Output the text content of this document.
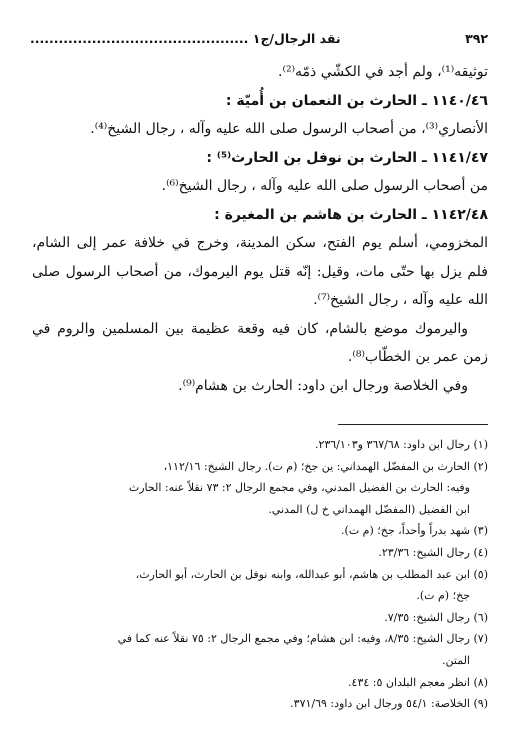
٣٩٢
نقد الرجال/ج١ ..............................................

توثيقه⁽¹⁾، ولم أجد في الكشّي ذمّه⁽²⁾.

١١٤٠/٤٦ ـ الحارث بن النعمان بن أُميّة :

الأنصاري⁽³⁾، من أصحاب الرسول صلى الله عليه وآله ، رجال الشيخ⁽⁴⁾.

١١٤١/٤٧ ـ الحارث بن نوفل بن الحارث⁽⁵⁾ :

من أصحاب الرسول صلى الله عليه وآله ، رجال الشيخ⁽⁶⁾.

١١٤٢/٤٨ ـ الحارث بن هاشم بن المغيرة :

المخزومي، أسلم يوم الفتح، سكن المدينة، وخرج في خلافة عمر إلى الشام، فلم يزل بها حتّى مات، وقيل: إنّه قتل يوم اليرموك، من أصحاب الرسول صلى الله عليه وآله ، رجال الشيخ⁽⁷⁾.

واليرموك موضع بالشام، كان فيه وقعة عظيمة بين المسلمين والروم في زمن عمر بن الخطّاب⁽⁸⁾.

وفي الخلاصة ورجال ابن داود: الحارث بن هشام⁽⁹⁾.

(١) رجال ابن داود: ٣٦٧/٦٨ و٢٣٦/١٠٣.

(٢) الحارث بن المفضّل الهمداني: ين جخ؛ (م ت). رجال الشيخ: ١١٢/١٦،

وفيه: الحارث بن الفضيل المدني، وفي مجمع الرجال ٢: ٧٣ نقلاً عنه: الحارث

ابن الفضيل (المفضّل الهمداني خ ل) المدني.

(٣) شهد بدراً وأحداً، جخ؛ (م ت).

(٤) رجال الشيخ: ٢٣/٣٦.

(٥) ابن عبد المطلب بن هاشم، أبو عبدالله، وابنه نوفل بن الحارث، أبو الحارث،

جخ؛ (م ت).

(٦) رجال الشيخ: ٧/٣٥.

(٧) رجال الشيخ: ٨/٣٥، وفيه: ابن هشام؛ وفي مجمع الرجال ٢: ٧٥ نقلاً عنه كما في

المتن.

(٨) انظر معجم البلدان ٥: ٤٣٤.

(٩) الخلاصة: ٥٤/١ ورجال ابن داود: ٣٧١/٦٩.
